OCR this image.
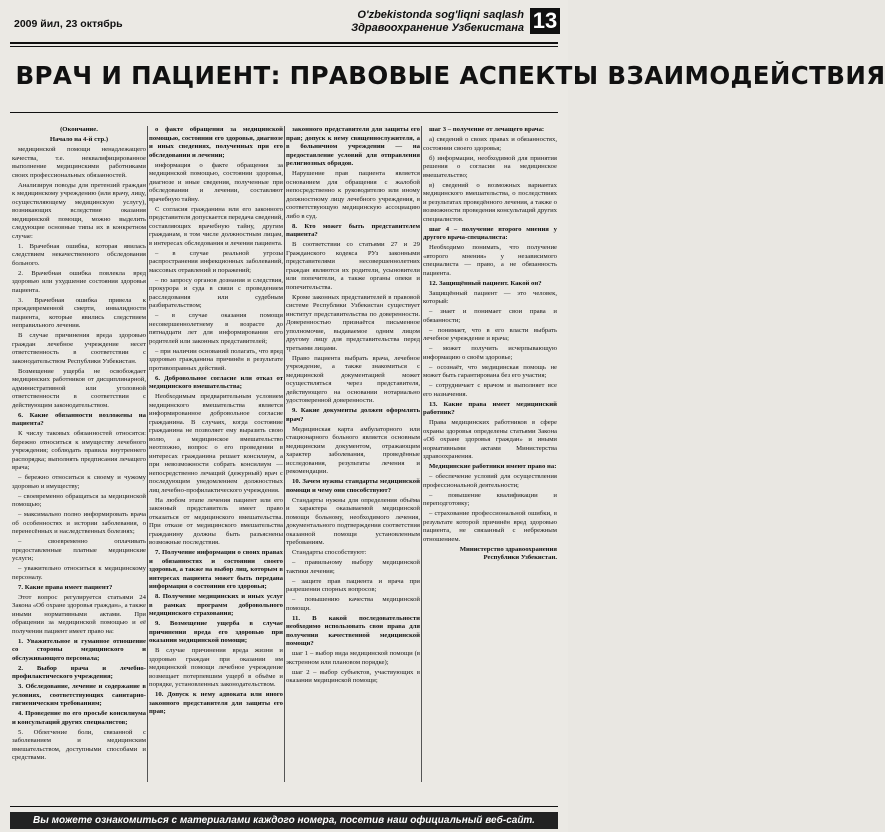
2009 йил, 23 октябрь
O'zbekistonda sog'liqni saqlash
Здравоохранение Узбекистана 13
ВРАЧ И ПАЦИЕНТ: ПРАВОВЫЕ АСПЕКТЫ ВЗАИМОДЕЙСТВИЯ

(Окончание.

Начало на 4-й стр.)

медицинской помощи ненадлежащего качества, т.е. неквалифицированное выполнение медицинскими работниками своих профессиональных обязанностей.

Анализируя поводы для претензий граждан к медицинскому учреждению (или врачу, лицу, осуществляющему медицинскую услугу), возникающих вследствие оказания медицинской помощи, можно выделить следующие основные типы их в конкретном случае:

1. Врачебная ошибка, которая явилась следствием некачественного обследования больного.

2. Врачебная ошибка повлекла вред здоровью или ухудшение состояния здоровья пациента.

3. Врачебная ошибка привела к преждевременной смерти, инвалидности пациента, которые явились следствием неправильного лечения.

В случае причинения вреда здоровью граждан лечебное учреждение несет ответственность в соответствии с законодательством Республики Узбекистан.

Возмещение ущерба не освобождает медицинских работников от дисциплинарной, административной или уголовной ответственности в соответствии с действующим законодательством.

6. Какие обязанности возложены на пациента?

К числу таковых обязанностей относятся: бережно относиться к имуществу лечебного учреждения; соблюдать правила внутреннего распорядка; выполнять предписания лечащего врача;

– бережно относиться к своему и чужому здоровью и имуществу;

– своевременно обращаться за медицинской помощью;

– максимально полно информировать врача об особенностях и истории заболевания, о перенесённых и наследственных болезнях;

– своевременно оплачивать предоставленные платные медицинские услуги;

– уважительно относиться к медицинскому персоналу.

7. Какие права имеет пациент?

Этот вопрос регулируется статьями 24 Закона «Об охране здоровья граждан», а также иными нормативными актами. При обращении за медицинской помощью и её получении пациент имеет право на:

1. Уважительное и гуманное отношение со стороны медицинского и обслуживающего персонала;

2. Выбор врача и лечебно-профилактического учреждения;

3. Обследование, лечение и содержание в условиях, соответствующих санитарно-гигиеническим требованиям;

4. Проведение по его просьбе консилиума и консультаций других специалистов;

5. Облегчение боли, связанной с заболеванием и медицинским вмешательством, доступными способами и средствами.

о факте обращения за медицинской помощью, состоянии его здоровья, диагнозе и иных сведениях, полученных при его обследовании и лечении;

информация о факте обращения за медицинской помощью, состоянии здоровья, диагнозе и иные сведения, полученные при обследовании и лечении, составляют врачебную тайну.

С согласия гражданина или его законного представителя допускается передача сведений, составляющих врачебную тайну, другим гражданам, в том числе должностным лицам, в интересах обследования и лечения пациента.

– в случае реальной угрозы распространения инфекционных заболеваний, массовых отравлений и поражений;

– по запросу органов дознания и следствия, прокурора и суда в связи с проведением расследования или судебным разбирательством;

– в случае оказания помощи несовершеннолетнему в возрасте до пятнадцати лет для информирования его родителей или законных представителей;

– при наличии оснований полагать, что вред здоровью гражданина причинён в результате противоправных действий.

6. Добровольное согласие или отказ от медицинского вмешательства;

Необходимым предварительным условием медицинского вмешательства является информированное добровольное согласие гражданина. В случаях, когда состояние гражданина не позволяет ему выразить свою волю, а медицинское вмешательство неотложно, вопрос о его проведении в интересах гражданина решает консилиум, а при невозможности собрать консилиум — непосредственно лечащий (дежурный) врач с последующим уведомлением должностных лиц лечебно-профилактического учреждения.

На любом этапе лечения пациент или его законный представитель имеет право отказаться от медицинского вмешательства. При отказе от медицинского вмешательства гражданину должны быть разъяснены возможные последствия.

7. Получение информации о своих правах и обязанностях и состоянии своего здоровья, а также на выбор лиц, которым в интересах пациента может быть передана информация о состоянии его здоровья;

8. Получение медицинских и иных услуг в рамках программ добровольного медицинского страхования;

9. Возмещение ущерба в случае причинения вреда его здоровью при оказании медицинской помощи;

В случае причинения вреда жизни и здоровью граждан при оказании им медицинской помощи лечебное учреждение возмещает потерпевшим ущерб в объёме и порядке, установленных законодательством.

10. Допуск к нему адвоката или иного законного представителя для защиты его прав;

законного представителя для защиты его прав; допуск к нему священнослужителя, а в больничном учреждении — на предоставление условий для отправления религиозных обрядов.

Нарушение прав пациента является основанием для обращения с жалобой непосредственно к руководителю или иному должностному лицу лечебного учреждения, в соответствующую медицинскую ассоциацию либо в суд.

8. Кто может быть представителем пациента?

В соответствии со статьями 27 и 29 Гражданского кодекса РУз законными представителями несовершеннолетних граждан являются их родители, усыновители или попечители, а также органы опеки и попечительства.

Кроме законных представителей в правовой системе Республики Узбекистан существует институт представительства по доверенности. Доверенностью признаётся письменное уполномочие, выдаваемое одним лицом другому лицу для представительства перед третьими лицами.

Право пациента выбрать врача, лечебное учреждение, а также знакомиться с медицинской документацией может осуществляться через представителя, действующего на основании нотариально удостоверенной доверенности.

9. Какие документы должен оформлять врач?

Медицинская карта амбулаторного или стационарного больного является основным медицинским документом, отражающим характер заболевания, проведённые исследования, результаты лечения и рекомендации.

10. Зачем нужны стандарты медицинской помощи и чему они способствуют?

Стандарты нужны для определения объёма и характера оказываемой медицинской помощи больному, необходимого лечения, документального подтверждения соответствия оказанной помощи установленным требованиям.

Стандарты способствуют:

– правильному выбору медицинской тактики лечения;

– защите прав пациента и врача при разрешении спорных вопросов;

– повышению качества медицинской помощи.

11. В какой последовательности необходимо использовать свои права для получения качественной медицинской помощи?

шаг 1 – выбор вида медицинской помощи (в экстренном или плановом порядке);

шаг 2 – выбор субъектов, участвующих в оказании медицинской помощи;

шаг 3 – получение от лечащего врача:

а) сведений о своих правах и обязанностях, состоянии своего здоровья;

б) информации, необходимой для принятия решения о согласии на медицинское вмешательство;

в) сведений о возможных вариантах медицинского вмешательства, о последствиях и результатах проведённого лечения, а также о возможности проведения консультаций других специалистов.

шаг 4 – получение второго мнения у другого врача-специалиста:

Необходимо понимать, что получение «второго мнения» у независимого специалиста — право, а не обязанность пациента.

12. Защищённый пациент. Какой он?

Защищённый пациент — это человек, который:

– знает и понимает свои права и обязанности;

– понимает, что в его власти выбрать лечебное учреждение и врача;

– может получить исчерпывающую информацию о своём здоровье;

– осознаёт, что медицинская помощь не может быть гарантирована без его участия;

– сотрудничает с врачом и выполняет все его назначения.

13. Какие права имеет медицинский работник?

Права медицинских работников в сфере охраны здоровья определены статьями Закона «Об охране здоровья граждан» и иными нормативными актами Министерства здравоохранения.

Медицинские работники имеют право на:

– обеспечение условий для осуществления профессиональной деятельности;

– повышение квалификации и переподготовку;

– страхование профессиональной ошибки, в результате которой причинён вред здоровью пациента, не связанный с небрежным отношением.

Министерство здравоохранения Республики Узбекистан.

Вы можете ознакомиться с материалами каждого номера, посетив наш официальный веб-сайт.
